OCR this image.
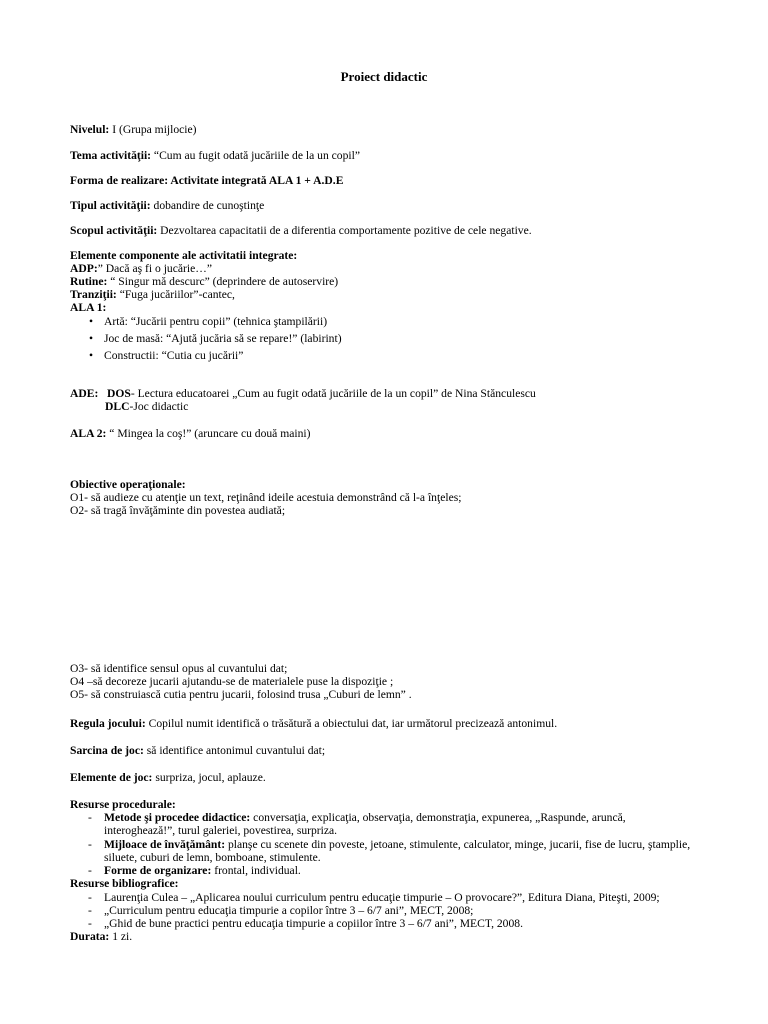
Proiect didactic
Nivelul: I (Grupa mijlocie)
Tema activităţii: “Cum au fugit odată jucăriile de la un copil”
Forma de realizare: Activitate integrată ALA 1 + A.D.E
Tipul activităţii: dobandire de cunoştinţe
Scopul activităţii: Dezvoltarea capacitatii de a diferentia comportamente pozitive de cele negative.
Elemente componente ale activitatii integrate:
ADP:” Dacă aş fi o jucărie…”
Rutine: “ Singur mă descurc” (deprindere de autoservire)
Tranziţii: “Fuga jucăriilor”-cantec,
ALA 1:
• Artă: “Jucării pentru copii” (tehnica ştampilării)
• Joc de masă: “Ajută jucăria să se repare!” (labirint)
• Constructii: “Cutia cu jucării”
ADE: DOS- Lectura educatoarei „Cum au fugit odată jucăriile de la un copil” de Nina Stănculescu
DLC-Joc didactic
ALA 2: “ Mingea la coş!” (aruncare cu două maini)
Obiective operaţionale:
O1- să audieze cu atenţie un text, reţinând ideile acestuia demonstrând că l-a înţeles;
O2- să tragă învăţăminte din povestea audiată;
O3- să identifice sensul opus al cuvantului dat;
O4 –să decoreze jucarii ajutandu-se de materialele puse la dispoziţie ;
O5- să construiască cutia pentru jucarii, folosind trusa „Cuburi de lemn” .
Regula jocului: Copilul numit identifică o trăsătură a obiectului dat, iar următorul precizează antonimul.
Sarcina de joc: să identifice antonimul cuvantului dat;
Elemente de joc: surpriza, jocul, aplauze.
Resurse procedurale:
- Metode şi procedee didactice: conversaţia, explicaţia, observaţia, demonstraţia, expunerea, „Raspunde, aruncă,
interoghează!”, turul galeriei, povestirea, surpriza.
- Mijloace de învăţământ: planşe cu scenete din poveste, jetoane, stimulente, calculator, minge, jucarii, fise de lucru, ştamplie,
siluete, cuburi de lemn, bomboane, stimulente.
- Forme de organizare: frontal, individual.
Resurse bibliografice:
- Laurenţia Culea – „Aplicarea noului curriculum pentru educaţie timpurie – O provocare?”, Editura Diana, Piteşti, 2009;
- „Curriculum pentru educaţia timpurie a copilor între 3 – 6/7 ani”, MECT, 2008;
- „Ghid de bune practici pentru educaţia timpurie a copiilor între 3 – 6/7 ani”, MECT, 2008.
Durata: 1 zi.
